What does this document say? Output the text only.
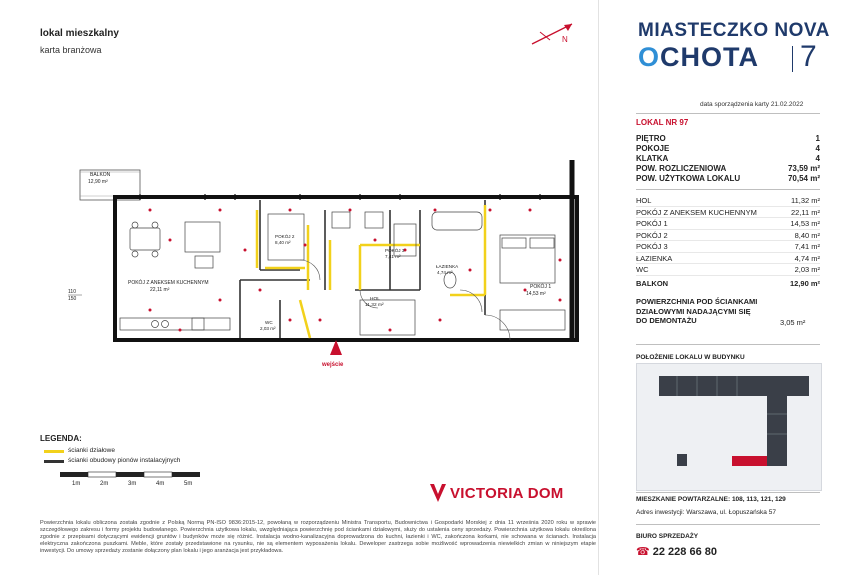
lokal mieszkalny
karta branżowa
N
BALKON
12,90 m²
POKÓJ Z ANEKSEM KUCHENNYM
22,11 m²
POKÓJ 2
8,40 m²
POKÓJ 3
7,41 m²
ŁAZIENKA
4,74 m²
HOL
11,32 m²
POKÓJ 1
14,53 m²
WC
2,03 m²
110
150
wejście
LEGENDA:
ścianki działowe
ścianki obudowy pionów instalacyjnych
1m	2m	3m	4m	5m
VICTORIA DOM
Powierzchnia lokalu obliczona została zgodnie z Polską Normą PN-ISO 9836:2015-12, powołaną w rozporządzeniu Ministra Transportu, Budownictwa i Gospodarki Morskiej z dnia 11 września 2020 roku w sprawie szczegółowego zakresu i formy projektu budowlanego. Powierzchnia użytkowa lokalu, uwzględniająca powierzchnię pod ściankami działowymi, służy do ustalenia ceny sprzedaży. Powierzchnia użytkowa lokalu określona zgodnie z przepisami dotyczącymi ewidencji gruntów i budynków może się różnić. Instalacja wodno-kanalizacyjna doprowadzona do kuchni, łazienki i WC, zakończona korkami, nie schowana w ścianach. Instalacja elektryczna zakończona puszkami. Meble, które zostały przedstawione na rysunku, nie są elementem wyposażenia lokalu. Deweloper zastrzega sobie możliwość wprowadzenia niewielkich zmian w niniejszym etapie inwestycji. Do umowy sprzedaży zostanie dołączony plan lokalu i jego aranżacja jest przykładowa.
MIASTECZKO NOVA
OCHOTA 7
data sporządzenia karty 21.02.2022
LOKAL NR 97
PIĘTRO	1
POKOJE	4
KLATKA	4
POW. ROZLICZENIOWA	73,59 m²
POW. UŻYTKOWA LOKALU	70,54 m²
HOL	11,32 m²
POKÓJ Z ANEKSEM KUCHENNYM	22,11 m²
POKÓJ 1	14,53 m²
POKÓJ 2	8,40 m²
POKÓJ 3	7,41 m²
ŁAZIENKA	4,74 m²
WC	2,03 m²
BALKON	12,90 m²
POWIERZCHNIA POD ŚCIANKAMI
DZIAŁOWYMI NADAJĄCYMI SIĘ
DO DEMONTAŻU	3,05 m²
POŁOŻENIE LOKALU W BUDYNKU
MIESZKANIE POWTARZALNE: 108, 113, 121, 129
Adres inwestycji: Warszawa, ul. Łopuszańska 57
BIURO SPRZEDAŻY
☎ 22 228 66 80
